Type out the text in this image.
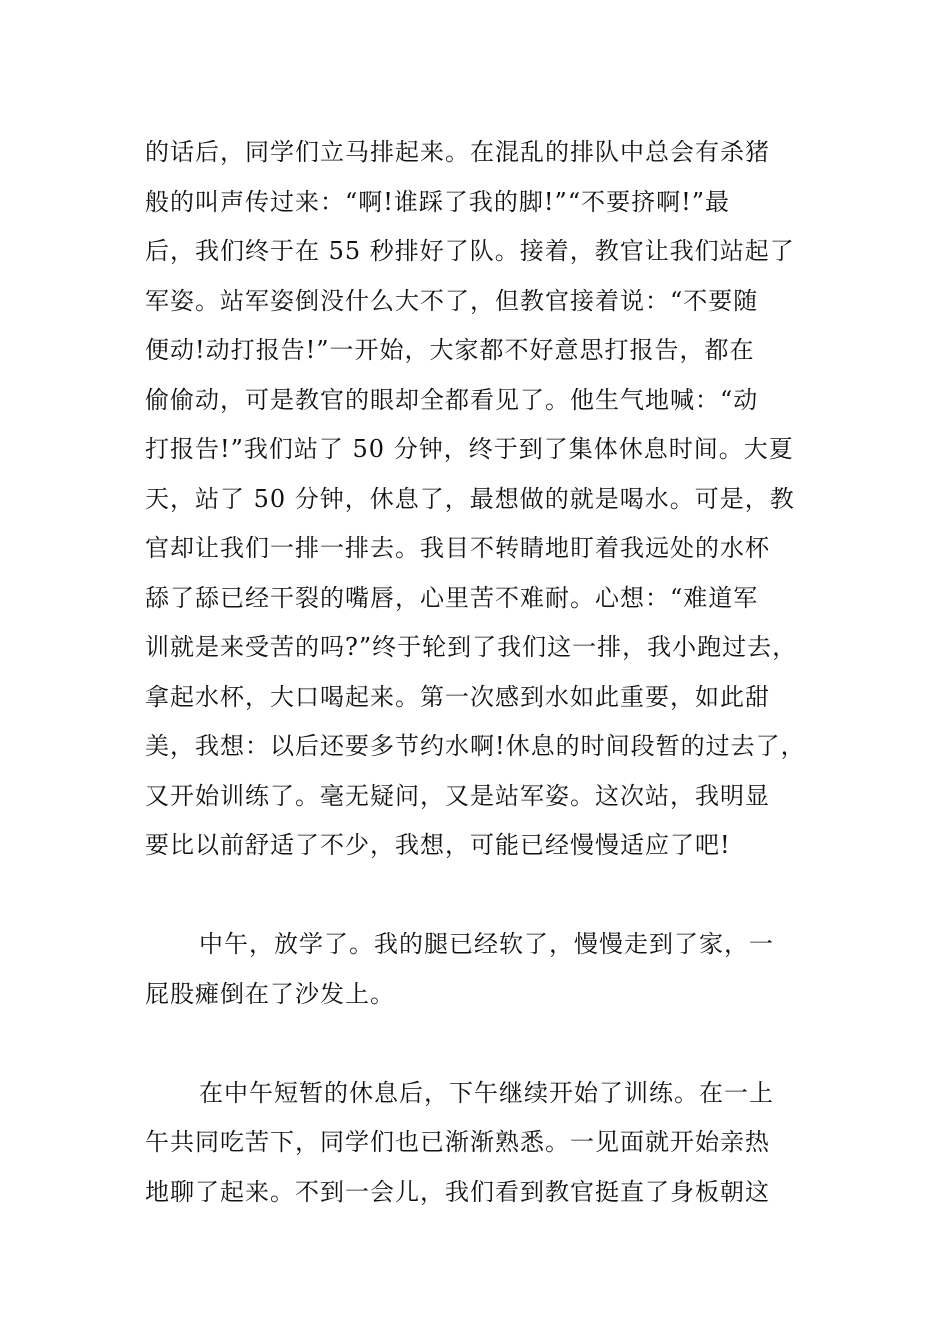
的话后，同学们立马排起来。在混乱的排队中总会有杀猪
般的叫声传过来：“啊!谁踩了我的脚!”“不要挤啊!”最
后，我们终于在 55 秒排好了队。接着，教官让我们站起了
军姿。站军姿倒没什么大不了，但教官接着说：“不要随
便动!动打报告!”一开始，大家都不好意思打报告，都在
偷偷动，可是教官的眼却全都看见了。他生气地喊：“动
打报告!”我们站了 50 分钟，终于到了集体休息时间。大夏
天，站了 50 分钟，休息了，最想做的就是喝水。可是，教
官却让我们一排一排去。我目不转睛地盯着我远处的水杯
舔了舔已经干裂的嘴唇，心里苦不难耐。心想：“难道军
训就是来受苦的吗?”终于轮到了我们这一排，我小跑过去，
拿起水杯，大口喝起来。第一次感到水如此重要，如此甜
美，我想：以后还要多节约水啊!休息的时间段暂的过去了，
又开始训练了。毫无疑问，又是站军姿。这次站，我明显
要比以前舒适了不少，我想，可能已经慢慢适应了吧!
中午，放学了。我的腿已经软了，慢慢走到了家，一
屁股瘫倒在了沙发上。
在中午短暂的休息后，下午继续开始了训练。在一上
午共同吃苦下，同学们也已渐渐熟悉。一见面就开始亲热
地聊了起来。不到一会儿，我们看到教官挺直了身板朝这
